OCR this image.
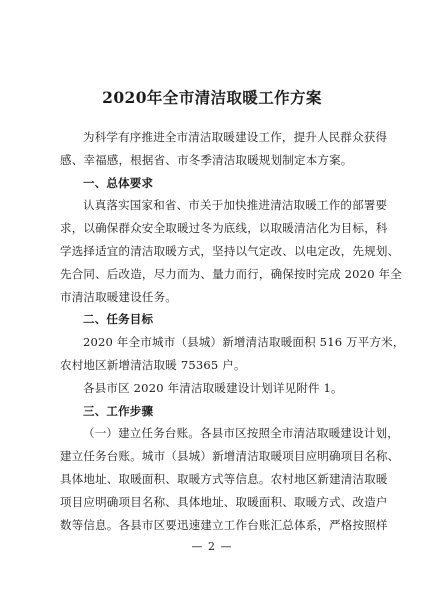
2020年全市清洁取暖工作方案
为科学有序推进全市清洁取暖建设工作，提升人民群众获得
感、幸福感，根据省、市冬季清洁取暖规划制定本方案。
一、总体要求
认真落实国家和省、市关于加快推进清洁取暖工作的部署要
求，以确保群众安全取暖过冬为底线，以取暖清洁化为目标，科
学选择适宜的清洁取暖方式，坚持以气定改、以电定改，先规划、
先合同、后改造，尽力而为、量力而行，确保按时完成 2020 年全
市清洁取暖建设任务。
二、任务目标
2020 年全市城市（县城）新增清洁取暖面积 516 万平方米，
农村地区新增清洁取暖 75365 户。
各县市区 2020 年清洁取暖建设计划详见附件 1。
三、工作步骤
（一）建立任务台账。各县市区按照全市清洁取暖建设计划，
建立任务台账。城市（县城）新增清洁取暖项目应明确项目名称、
具体地址、取暖面积、取暖方式等信息。农村地区新建清洁取暖
项目应明确项目名称、具体地址、取暖面积、取暖方式、改造户
数等信息。各县市区要迅速建立工作台账汇总体系，严格按照样
— 2 —
